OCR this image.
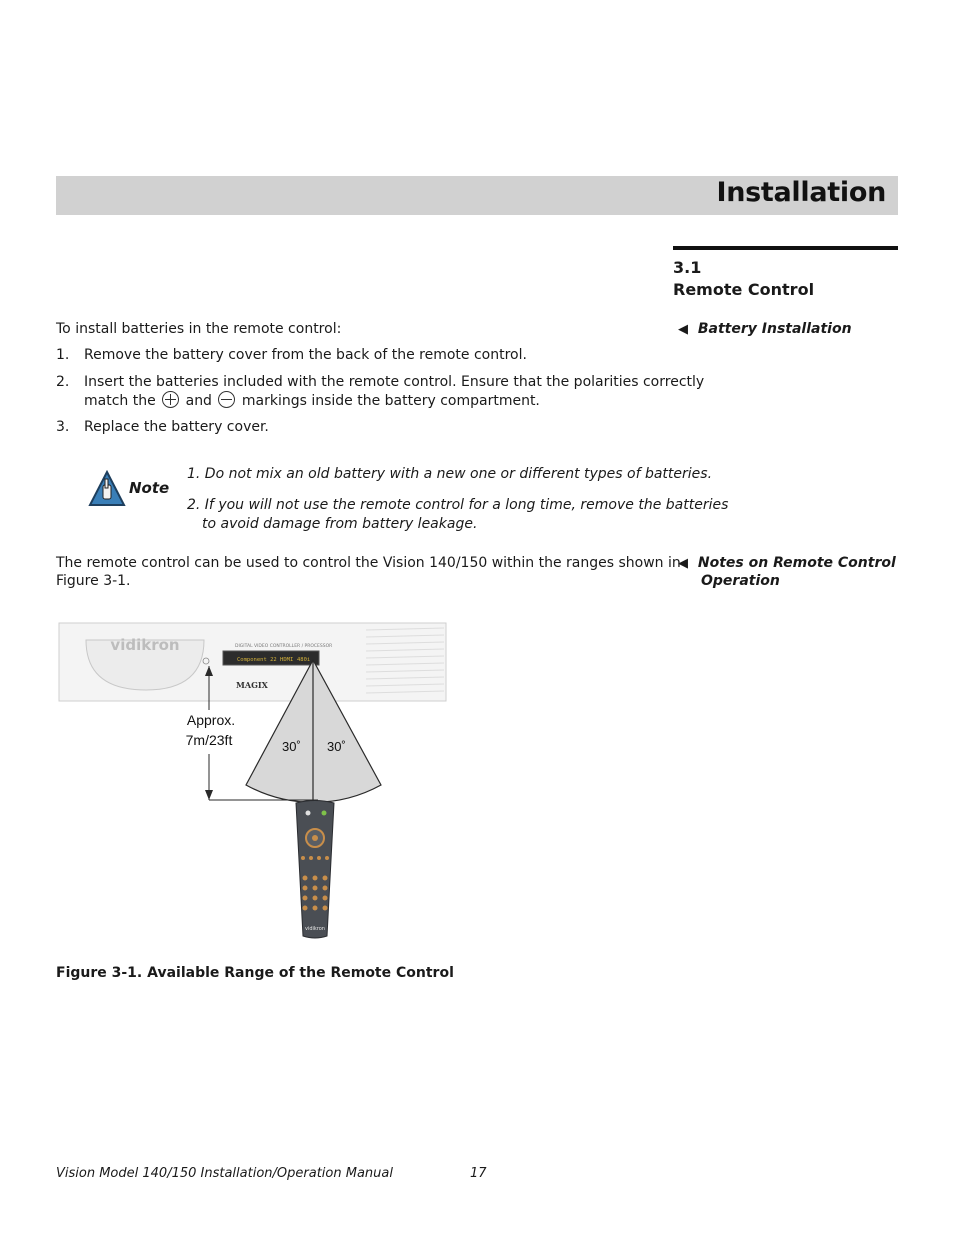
Installation
3.1
Remote Control
◀ Battery Installation
To install batteries in the remote control:
1. Remove the battery cover from the back of the remote control.
2. Insert the batteries included with the remote control. Ensure that the polarities correctly
match the and markings inside the battery compartment.
3. Replace the battery cover.
Note
1. Do not mix an old battery with a new one or different types of batteries.
2. If you will not use the remote control for a long time, remove the batteries
to avoid damage from battery leakage.
◀ Notes on Remote Control
Operation
The remote control can be used to control the Vision 140/150 within the ranges shown in
Figure 3-1.
vidikron	DIGITAL VIDEO CONTROLLER / PROCESSOR
Component 22 HDMI 480i
MAGIX
30˚ 30˚
Approx.
7m/23ft
vidikron
Figure 3-1. Available Range of the Remote Control
Vision Model 140/150 Installation/Operation Manual	17
